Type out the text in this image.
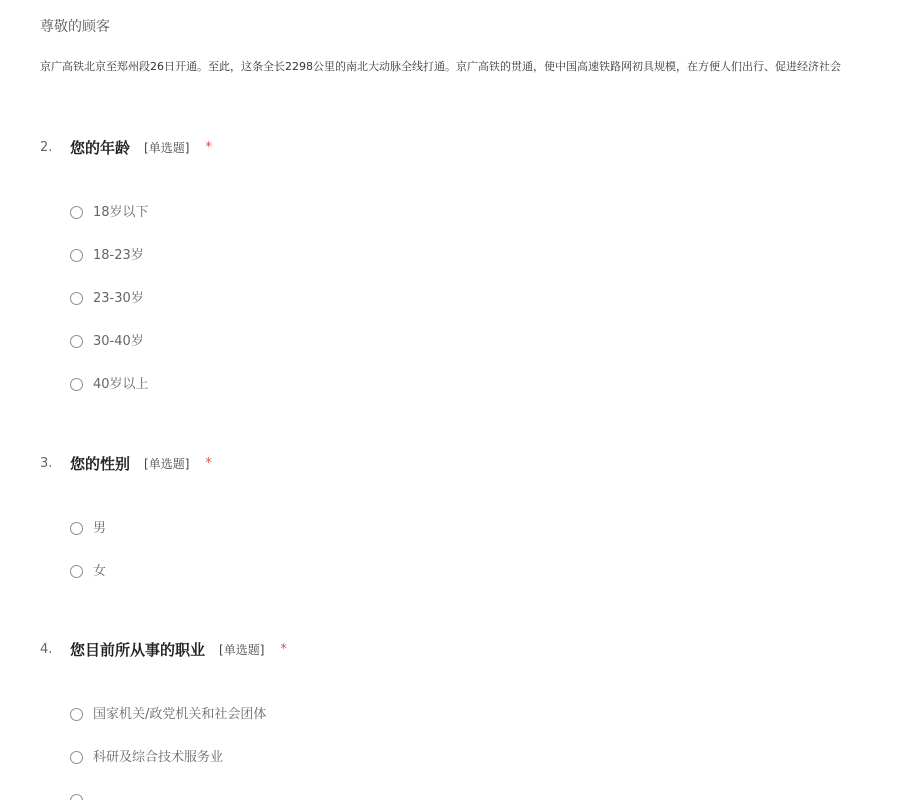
尊敬的顾客
京广高铁北京至郑州段26日开通。至此，这条全长2298公里的南北大动脉全线打通。京广高铁的贯通，使中国高速铁路网初具规模，在方便人们出行、促进经济社会
2.	您的年龄 [单选题] *
18岁以下
18-23岁
23-30岁
30-40岁
40岁以上
3.	您的性别 [单选题] *
男
女
4.	您目前所从事的职业 [单选题] *
国家机关/政党机关和社会团体
科研及综合技术服务业
